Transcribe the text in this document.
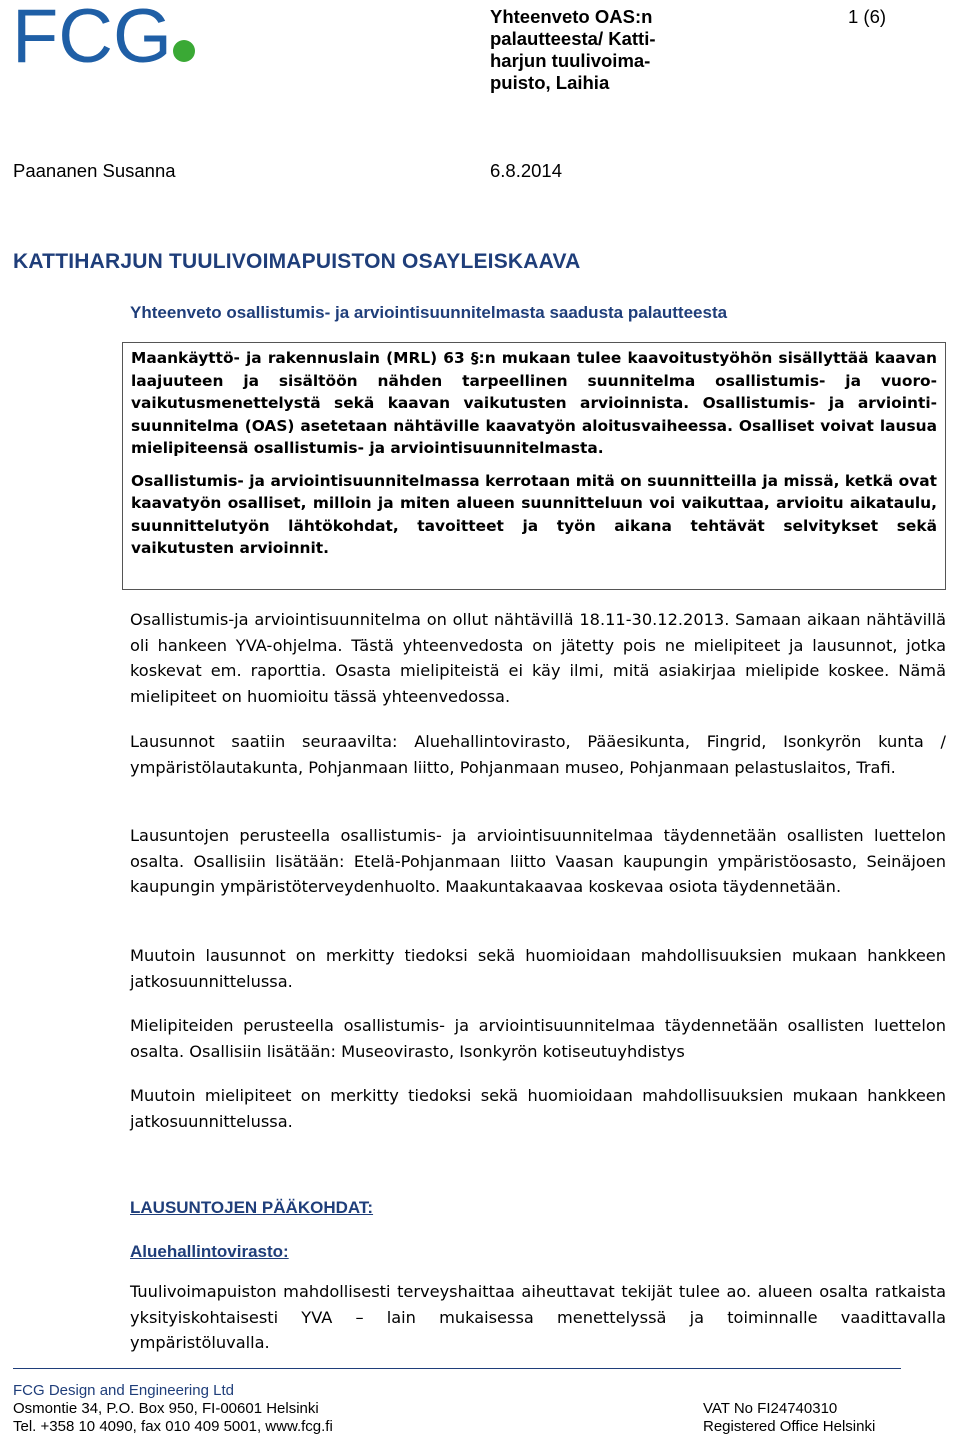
FCG	Yhteenveto OAS:n palautteesta/ Katti-harjun tuulivoima-puisto, Laihia
1 (6)
Paananen Susanna	6.8.2014
KATTIHARJUN TUULIVOIMAPUISTON OSAYLEISKAAVA
Yhteenveto osallistumis- ja arviointisuunnitelmasta saadusta palautteesta

Maankäyttö- ja rakennuslain (MRL) 63 §:n mukaan tulee kaavoitustyöhön sisällyttää kaavan laajuuteen ja sisältöön nähden tarpeellinen suunnitelma osallistumis- ja vuoro-vaikutusmenettelystä sekä kaavan vaikutusten arvioinnista. Osallistumis- ja arviointi-suunnitelma (OAS) asetetaan nähtäville kaavatyön aloitusvaiheessa. Osalliset voivat lausua mielipiteensä osallistumis- ja arviointisuunnitelmasta.

Osallistumis- ja arviointisuunnitelmassa kerrotaan mitä on suunnitteilla ja missä, ketkä ovat kaavatyön osalliset, milloin ja miten alueen suunnitteluun voi vaikuttaa, arvioitu aikataulu, suunnittelutyön lähtökohdat, tavoitteet ja työn aikana tehtävät selvitykset sekä vaikutusten arvioinnit.

Osallistumis-ja arviointisuunnitelma on ollut nähtävillä 18.11-30.12.2013. Samaan aikaan nähtävillä oli hankeen YVA-ohjelma. Tästä yhteenvedosta on jätetty pois ne mielipiteet ja lausunnot, jotka koskevat em. raporttia. Osasta mielipiteistä ei käy ilmi, mitä asiakirjaa mielipide koskee. Nämä mielipiteet on huomioitu tässä yhteenvedossa.

Lausunnot saatiin seuraavilta: Aluehallintovirasto, Pääesikunta, Fingrid, Isonkyrön kunta / ympäristölautakunta, Pohjanmaan liitto, Pohjanmaan museo, Pohjanmaan pelastuslaitos, Trafi.

Lausuntojen perusteella osallistumis- ja arviointisuunnitelmaa täydennetään osallisten luettelon osalta. Osallisiin lisätään: Etelä-Pohjanmaan liitto Vaasan kaupungin ympäristöosasto, Seinäjoen kaupungin ympäristöterveydenhuolto. Maakuntakaavaa koskevaa osiota täydennetään.

Muutoin lausunnot on merkitty tiedoksi sekä huomioidaan mahdollisuuksien mukaan hankkeen jatkosuunnittelussa.

Mielipiteiden perusteella osallistumis- ja arviointisuunnitelmaa täydennetään osallisten luettelon osalta. Osallisiin lisätään: Museovirasto, Isonkyrön kotiseutuyhdistys

Muutoin mielipiteet on merkitty tiedoksi sekä huomioidaan mahdollisuuksien mukaan hankkeen jatkosuunnittelussa.

LAUSUNTOJEN PÄÄKOHDAT:
Aluehallintovirasto:

Tuulivoimapuiston mahdollisesti terveyshaittaa aiheuttavat tekijät tulee ao. alueen osalta ratkaista yksityiskohtaisesti YVA – lain mukaisessa menettelyssä ja toiminnalle vaadittavalla ympäristöluvalla.

FCG Design and Engineering Ltd
Osmontie 34, P.O. Box 950, FI-00601 Helsinki
Tel. +358 10 4090, fax 010 409 5001, www.fcg.fi
VAT No FI24740310
Registered Office Helsinki
